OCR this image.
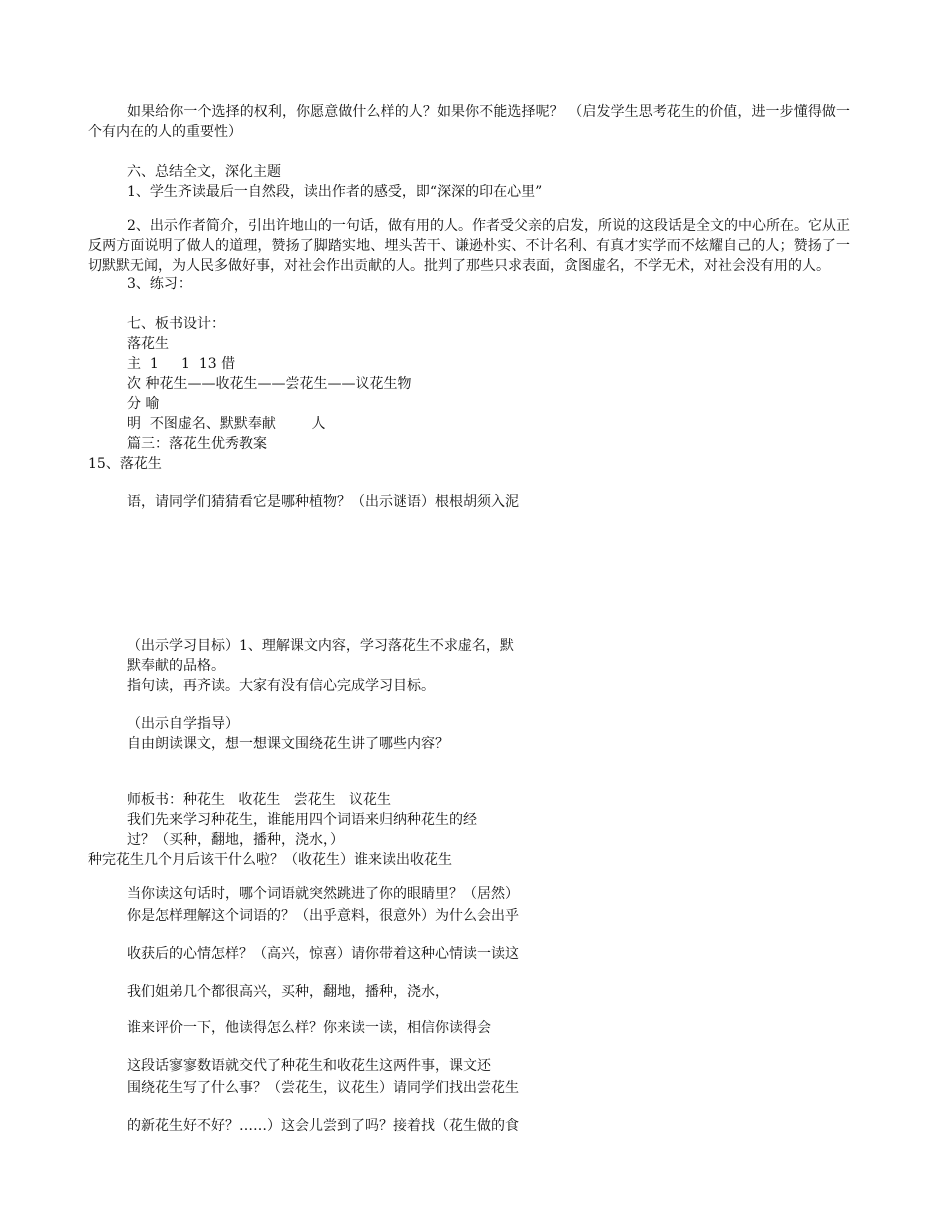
如果给你一个选择的权利，你愿意做什么样的人？如果你不能选择呢？ （启发学生思考花生的价值，进一步懂得做一个有内在的人的重要性）

六、总结全文，深化主题

1、学生齐读最后一自然段，读出作者的感受，即“深深的印在心里”

2、出示作者简介，引出许地山的一句话，做有用的人。作者受父亲的启发，所说的这段话是全文的中心所在。它从正反两方面说明了做人的道理，赞扬了脚踏实地、埋头苦干、谦逊朴实、不计名利、有真才实学而不炫耀自己的人；赞扬了一切默默无闻，为人民多做好事，对社会作出贡献的人。批判了那些只求表面，贪图虚名，不学无术，对社会没有用的人。

3、练习：

七、板书设计：

落花生

主  1     1  13 借

次 种花生——收花生——尝花生——议花生物

分 喻

明  不图虚名、默默奉献        人

篇三：落花生优秀教案

15、落花生

语，请同学们猜猜看它是哪种植物？（出示谜语）根根胡须入泥

（出示学习目标）1、理解课文内容，学习落花生不求虚名，默

默奉献的品格。

指句读，再齐读。大家有没有信心完成学习目标。

（出示自学指导）

自由朗读课文，想一想课文围绕花生讲了哪些内容？

师板书：种花生   收花生   尝花生   议花生

我们先来学习种花生，谁能用四个词语来归纳种花生的经

过？（买种，翻地，播种，浇水，）

种完花生几个月后该干什么啦？（收花生）谁来读出收花生

当你读这句话时，哪个词语就突然跳进了你的眼睛里？（居然）

你是怎样理解这个词语的？（出乎意料，很意外）为什么会出乎

收获后的心情怎样？（高兴，惊喜）请你带着这种心情读一读这

我们姐弟几个都很高兴，买种，翻地，播种，浇水，

谁来评价一下，他读得怎么样？你来读一读，相信你读得会

这段话寥寥数语就交代了种花生和收花生这两件事，课文还

围绕花生写了什么事？（尝花生，议花生）请同学们找出尝花生

的新花生好不好？……）这会儿尝到了吗？接着找（花生做的食
